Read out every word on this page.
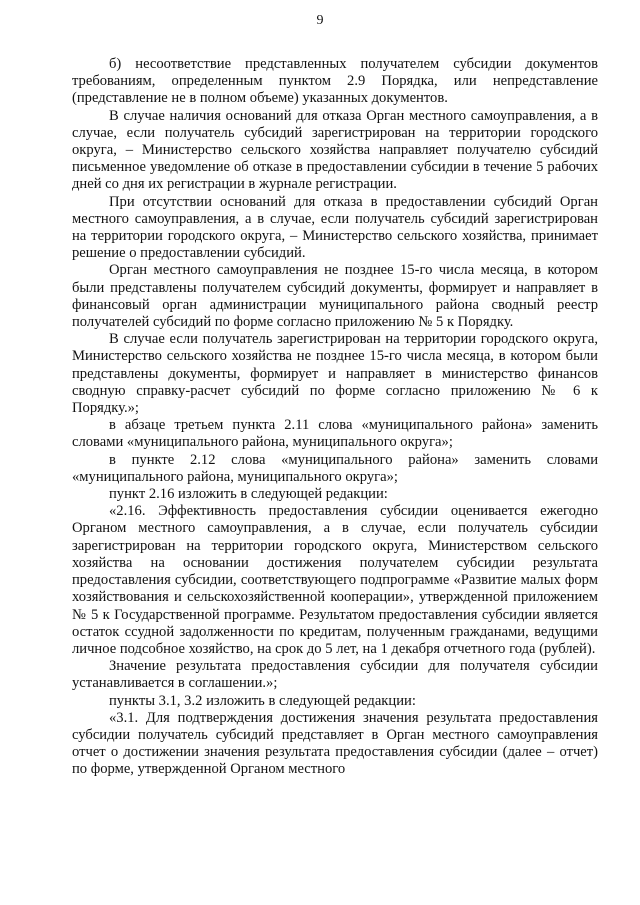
9

б) несоответствие представленных получателем субсидии документов требованиям, определенным пунктом 2.9 Порядка, или непредставление (представление не в полном объеме) указанных документов.

В случае наличия оснований для отказа Орган местного самоуправления, а в случае, если получатель субсидий зарегистрирован на территории городского округа, – Министерство сельского хозяйства направляет получателю субсидий письменное уведомление об отказе в предоставлении субсидии в течение 5 рабочих дней со дня их регистрации в журнале регистрации.

При отсутствии оснований для отказа в предоставлении субсидий Орган местного самоуправления, а в случае, если получатель субсидий зарегистрирован на территории городского округа, – Министерство сельского хозяйства, принимает решение о предоставлении субсидий.

Орган местного самоуправления не позднее 15-го числа месяца, в котором были представлены получателем субсидий документы, формирует и направляет в финансовый орган администрации муниципального района сводный реестр получателей субсидий по форме согласно приложению № 5 к Порядку.

В случае если получатель зарегистрирован на территории городского округа, Министерство сельского хозяйства не позднее 15-го числа месяца, в котором были представлены документы, формирует и направляет в министерство финансов сводную справку-расчет субсидий по форме согласно приложению № 6 к Порядку.»;

в абзаце третьем пункта 2.11 слова «муниципального района» заменить словами «муниципального района, муниципального округа»;

в пункте 2.12 слова «муниципального района» заменить словами «муниципального района, муниципального округа»;

пункт 2.16 изложить в следующей редакции:

«2.16. Эффективность предоставления субсидии оценивается ежегодно Органом местного самоуправления, а в случае, если получатель субсидии зарегистрирован на территории городского округа, Министерством сельского хозяйства на основании достижения получателем субсидии результата предоставления субсидии, соответствующего подпрограмме «Развитие малых форм хозяйствования и сельскохозяйственной кооперации», утвержденной приложением № 5 к Государственной программе. Результатом предоставления субсидии является остаток ссудной задолженности по кредитам, полученным гражданами, ведущими личное подсобное хозяйство, на срок до 5 лет, на 1 декабря отчетного года (рублей).

Значение результата предоставления субсидии для получателя субсидии устанавливается в соглашении.»;

пункты 3.1, 3.2 изложить в следующей редакции:

«3.1. Для подтверждения достижения значения результата предоставления субсидии получатель субсидий представляет в Орган местного самоуправления отчет о достижении значения результата предоставления субсидии (далее – отчет) по форме, утвержденной Органом местного
